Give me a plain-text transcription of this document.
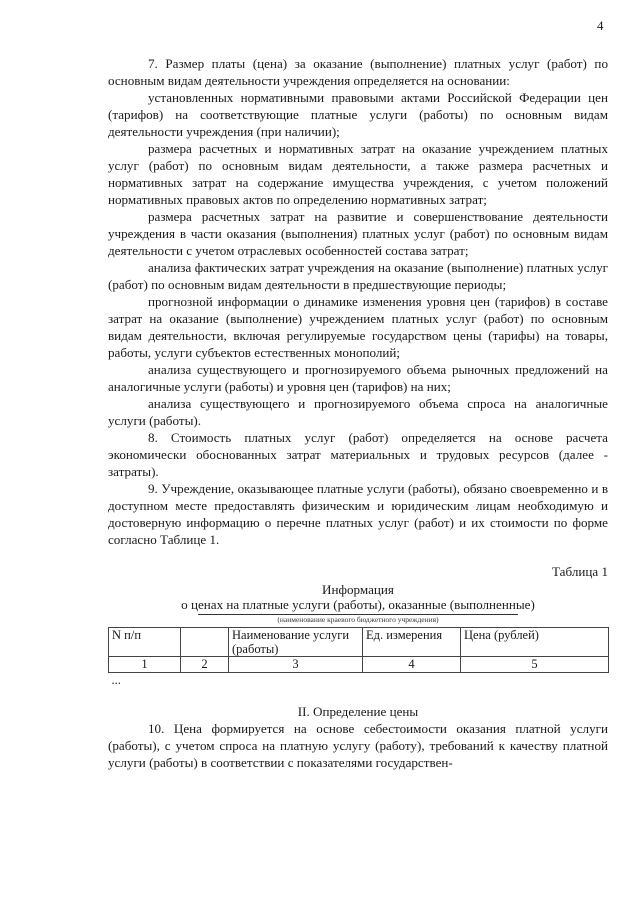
4

7. Размер платы (цена) за оказание (выполнение) платных услуг (работ) по основным видам деятельности учреждения определяется на основании:

установленных нормативными правовыми актами Российской Федерации цен (тарифов) на соответствующие платные услуги (работы) по основным видам деятельности учреждения (при наличии);

размера расчетных и нормативных затрат на оказание учреждением платных услуг (работ) по основным видам деятельности, а также размера расчетных и нормативных затрат на содержание имущества учреждения, с учетом положений нормативных правовых актов по определению нормативных затрат;

размера расчетных затрат на развитие и совершенствование деятельности учреждения в части оказания (выполнения) платных услуг (работ) по основным видам деятельности с учетом отраслевых особенностей состава затрат;

анализа фактических затрат учреждения на оказание (выполнение) платных услуг (работ) по основным видам деятельности в предшествующие периоды;

прогнозной информации о динамике изменения уровня цен (тарифов) в составе затрат на оказание (выполнение) учреждением платных услуг (работ) по основным видам деятельности, включая регулируемые государством цены (тарифы) на товары, работы, услуги субъектов естественных монополий;

анализа существующего и прогнозируемого объема рыночных предложений на аналогичные услуги (работы) и уровня цен (тарифов) на них;

анализа существующего и прогнозируемого объема спроса на аналогичные услуги (работы).

8. Стоимость платных услуг (работ) определяется на основе расчета экономически обоснованных затрат материальных и трудовых ресурсов (далее - затраты).

9. Учреждение, оказывающее платные услуги (работы), обязано своевременно и в доступном месте предоставлять физическим и юридическим лицам необходимую и достоверную информацию о перечне платных услуг (работ) и их стоимости по форме согласно Таблице 1.

Таблица 1
Информация
о ценах на платные услуги (работы), оказанные (выполненные)
(наименование краевого бюджетного учреждения)
N п/п		Наименование услуги (работы)	Ед. измерения	Цена (рублей)
1	2	3	4	5
...				
II. Определение цены

10. Цена формируется на основе себестоимости оказания платной услуги (работы), с учетом спроса на платную услугу (работу), требований к качеству платной услуги (работы) в соответствии с показателями государствен-
